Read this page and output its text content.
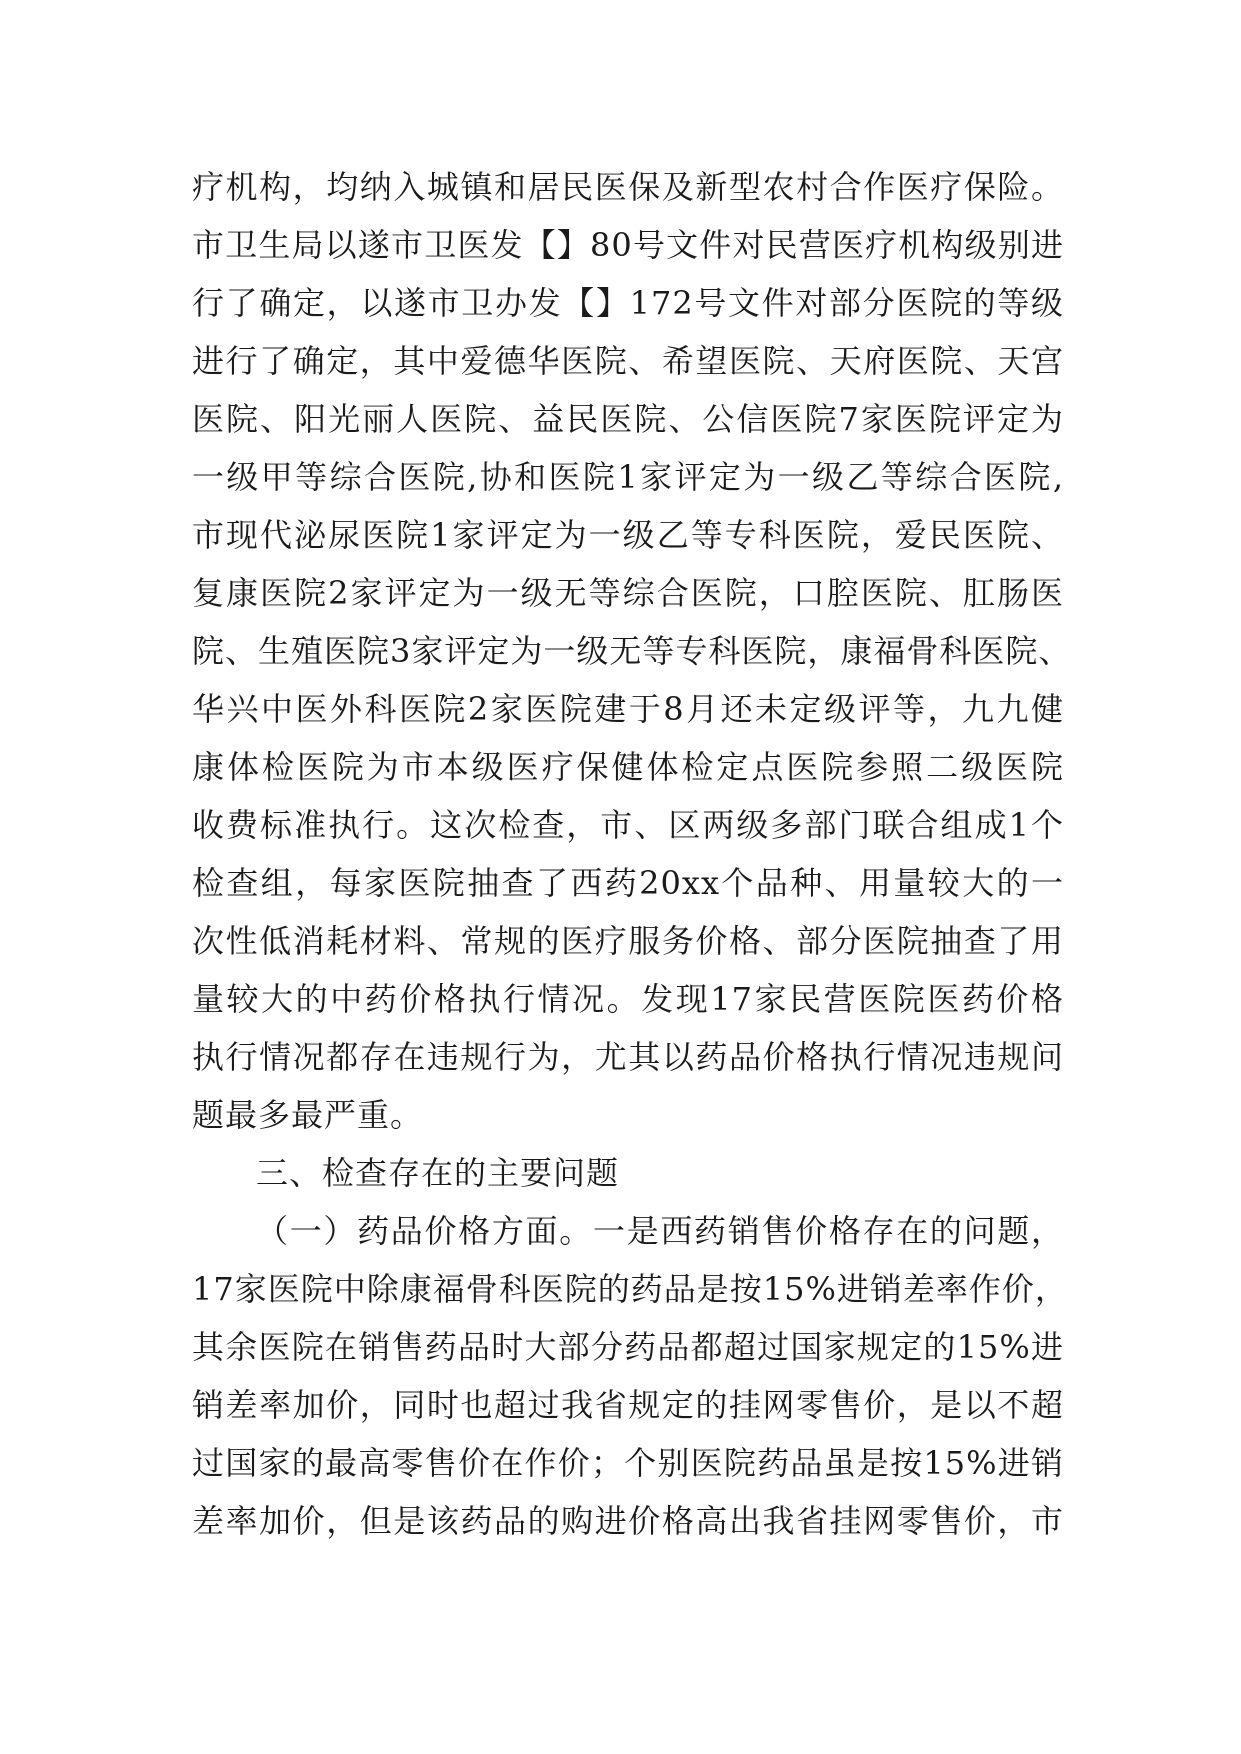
疗机构，均纳入城镇和居民医保及新型农村合作医疗保险。
市卫生局以遂市卫医发【】80号文件对民营医疗机构级别进
行了确定，以遂市卫办发【】172号文件对部分医院的等级
进行了确定，其中爱德华医院、希望医院、天府医院、天宫
医院、阳光丽人医院、益民医院、公信医院7家医院评定为
一级甲等综合医院,协和医院1家评定为一级乙等综合医院,
市现代泌尿医院1家评定为一级乙等专科医院，爱民医院、
复康医院2家评定为一级无等综合医院，口腔医院、肛肠医
院、生殖医院3家评定为一级无等专科医院，康福骨科医院、
华兴中医外科医院2家医院建于8月还未定级评等，九九健
康体检医院为市本级医疗保健体检定点医院参照二级医院
收费标准执行。这次检查，市、区两级多部门联合组成1个
检查组，每家医院抽查了西药20xx个品种、用量较大的一
次性低消耗材料、常规的医疗服务价格、部分医院抽查了用
量较大的中药价格执行情况。发现17家民营医院医药价格
执行情况都存在违规行为，尤其以药品价格执行情况违规问
题最多最严重。
三、检查存在的主要问题
（一）药品价格方面。一是西药销售价格存在的问题，
17家医院中除康福骨科医院的药品是按15%进销差率作价，
其余医院在销售药品时大部分药品都超过国家规定的15%进
销差率加价，同时也超过我省规定的挂网零售价，是以不超
过国家的最高零售价在作价；个别医院药品虽是按15%进销
差率加价，但是该药品的购进价格高出我省挂网零售价，市
